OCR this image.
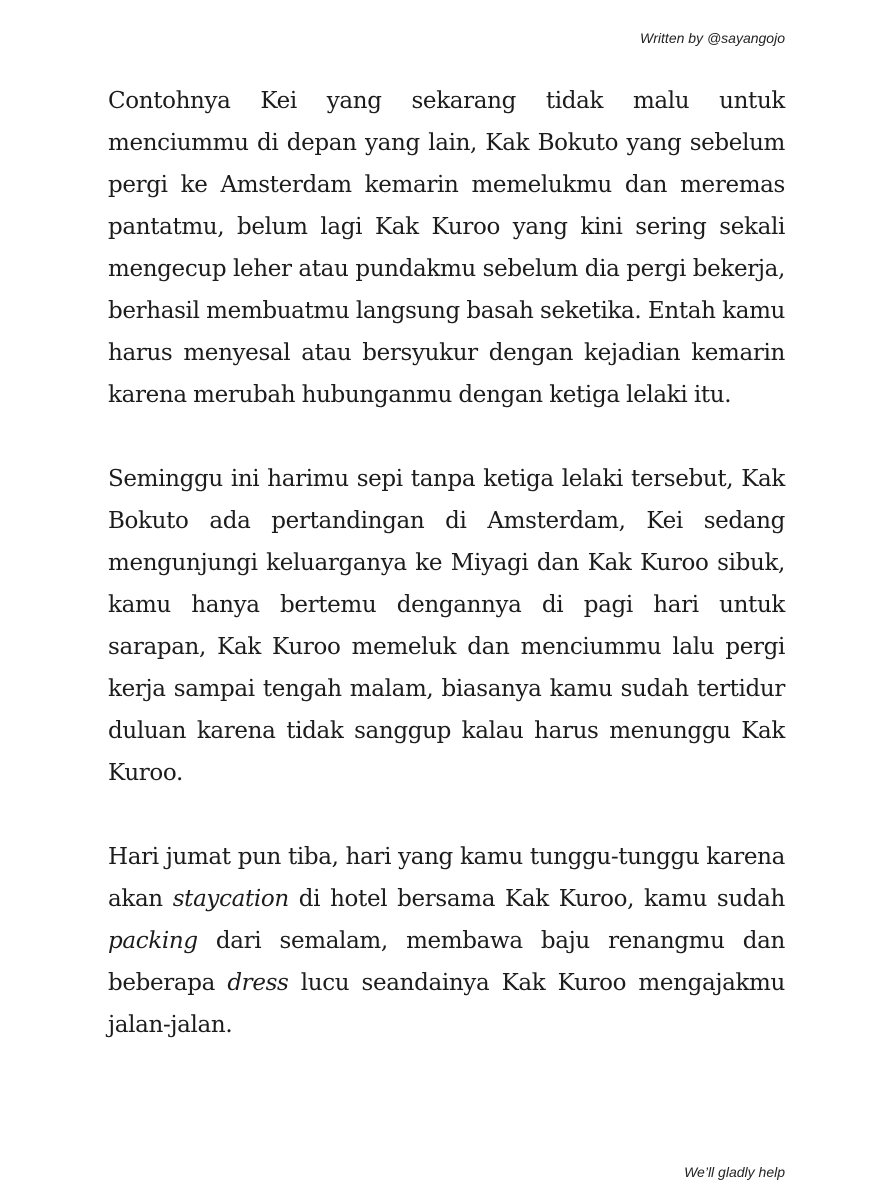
Written by @sayangojo

Contohnya Kei yang sekarang tidak malu untuk menciummu di depan yang lain, Kak Bokuto yang sebelum pergi ke Amsterdam kemarin memelukmu dan meremas pantatmu, belum lagi Kak Kuroo yang kini sering sekali mengecup leher atau pundakmu sebelum dia pergi bekerja, berhasil membuatmu langsung basah seketika. Entah kamu harus menyesal atau bersyukur dengan kejadian kemarin karena merubah hubunganmu dengan ketiga lelaki itu.

Seminggu ini harimu sepi tanpa ketiga lelaki tersebut, Kak Bokuto ada pertandingan di Amsterdam, Kei sedang mengunjungi keluarganya ke Miyagi dan Kak Kuroo sibuk, kamu hanya bertemu dengannya di pagi hari untuk sarapan, Kak Kuroo memeluk dan menciummu lalu pergi kerja sampai tengah malam, biasanya kamu sudah tertidur duluan karena tidak sanggup kalau harus menunggu Kak Kuroo.

Hari jumat pun tiba, hari yang kamu tunggu-tunggu karena akan staycation di hotel bersama Kak Kuroo, kamu sudah packing dari semalam, membawa baju renangmu dan beberapa dress lucu seandainya Kak Kuroo mengajakmu jalan-jalan.

We’ll gladly help
